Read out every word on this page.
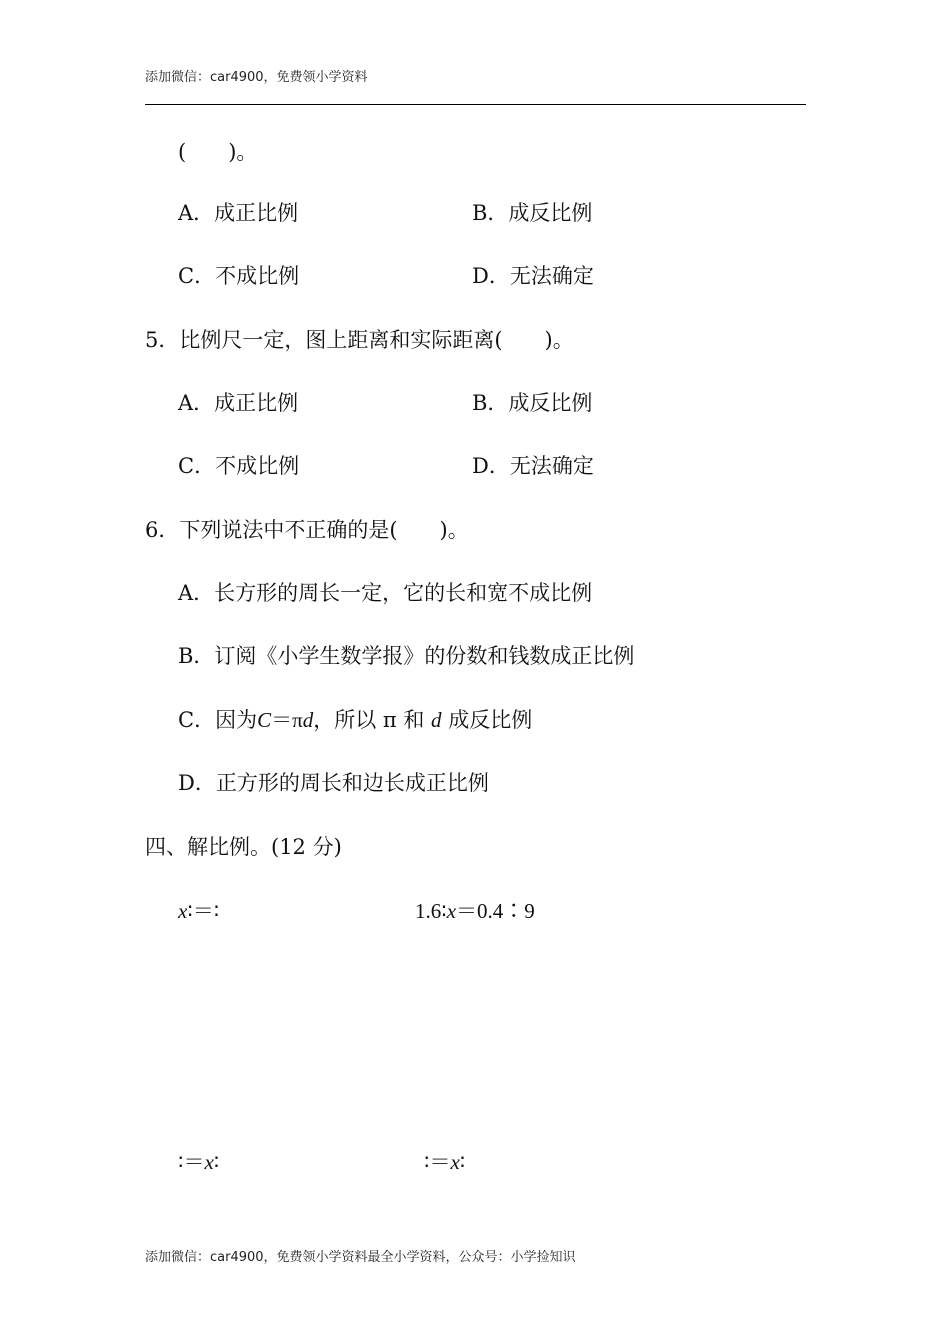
添加微信：car4900，免费领小学资料
(　　)。
A．成正比例	B．成反比例
C．不成比例	D．无法确定
5．比例尺一定，图上距离和实际距离(　　)。
A．成正比例	B．成反比例
C．不成比例	D．无法确定
6．下列说法中不正确的是(　　)。
A．长方形的周长一定，它的长和宽不成比例
B．订阅《小学生数学报》的份数和钱数成正比例
C．因为C＝πd，所以 π 和 d 成反比例
D．正方形的周长和边长成正比例
四、解比例。(12 分)
x∶＝∶	1.6∶x＝0.4∶9
∶＝x∶	∶＝x∶
添加微信：car4900，免费领小学资料最全小学资料，公众号：小学捡知识
